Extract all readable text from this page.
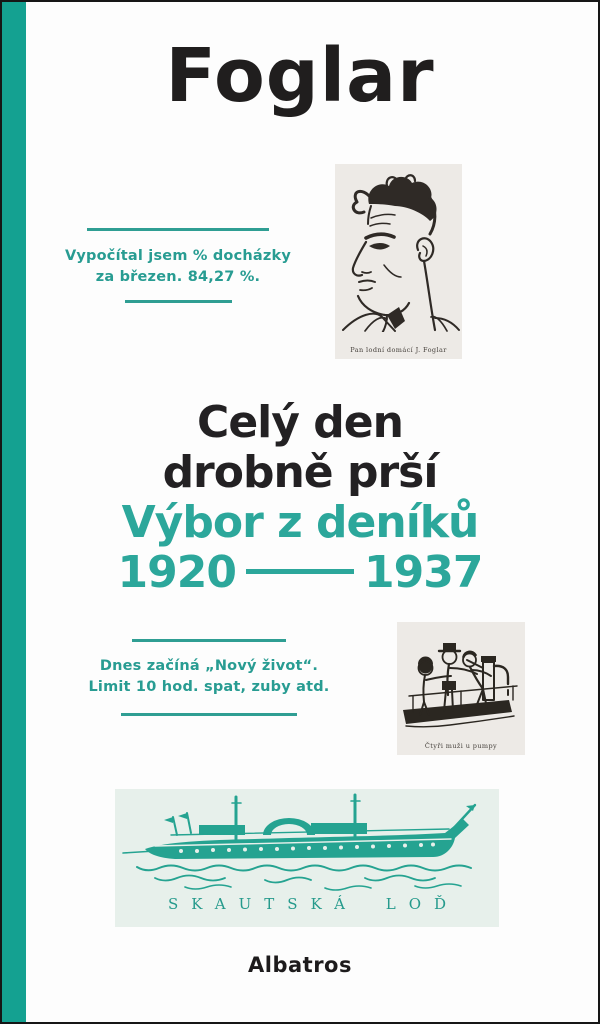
Foglar

Vypočítal jsem % docházky

za březen. 84,27 %.

Pan lodní domácí J. Foglar
Celý den
drobně prší
Výbor z deníků
1920	1937

Dnes začíná „Nový život“.

Limit 10 hod. spat, zuby atd.

Čtyři muži u pumpy
SKAUTSKÁ LOĎ
Albatros
